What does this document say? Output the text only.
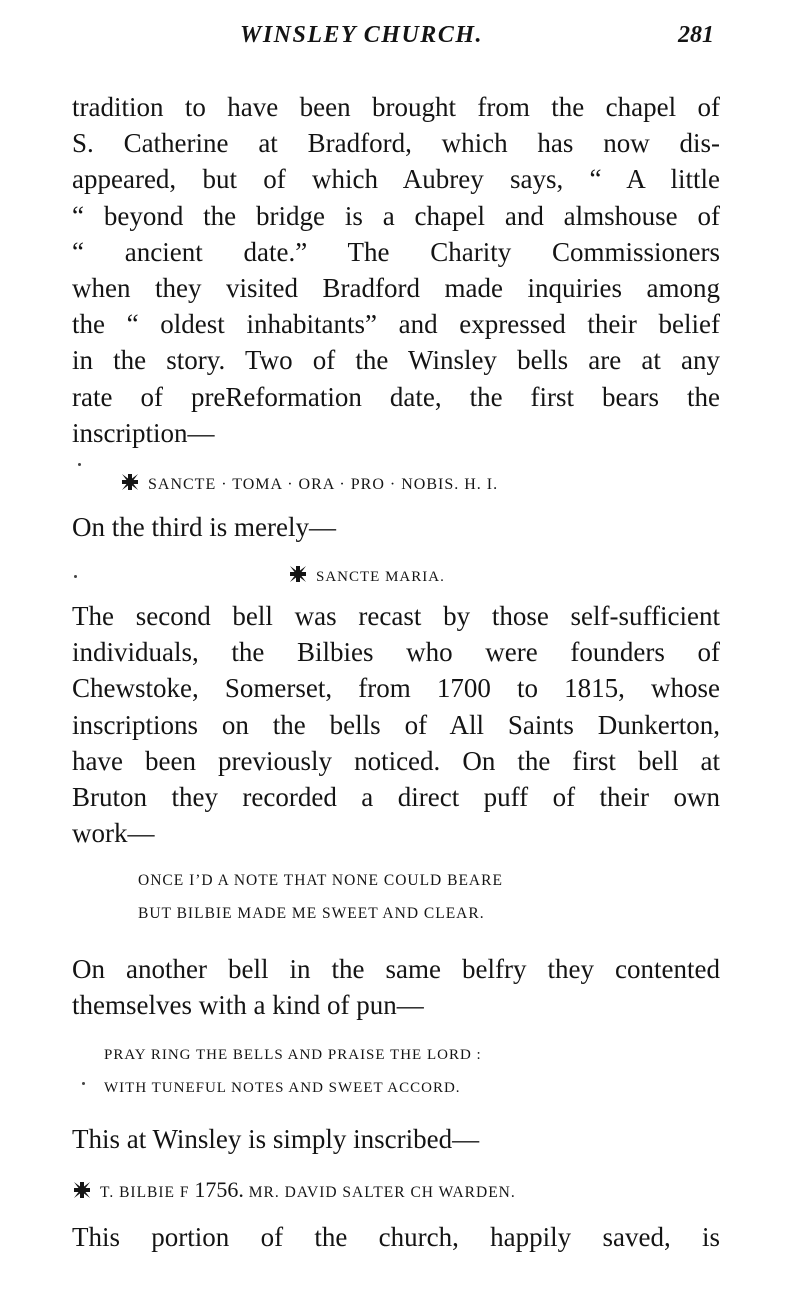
WINSLEY CHURCH.	281
tradition to have been brought from the chapel of
S. Catherine at Bradford, which has now dis-
appeared, but of which Aubrey says, “ A little
“ beyond the bridge is a chapel and almshouse of
“ ancient date.” The Charity Commissioners
when they visited Bradford made inquiries among
the “ oldest inhabitants” and expressed their belief
in the story. Two of the Winsley bells are at any
rate of preReformation date, the first bears the
inscription—
SANCTE · TOMA · ORA · PRO · NOBIS. H. I.
On the third is merely—
SANCTE MARIA.
The second bell was recast by those self-sufficient
individuals, the Bilbies who were founders of
Chewstoke, Somerset, from 1700 to 1815, whose
inscriptions on the bells of All Saints Dunkerton,
have been previously noticed. On the first bell at
Bruton they recorded a direct puff of their own
work—
ONCE I’D A NOTE THAT NONE COULD BEARE
BUT BILBIE MADE ME SWEET AND CLEAR.
On another bell in the same belfry they contented
themselves with a kind of pun—
PRAY RING THE BELLS AND PRAISE THE LORD :
WITH TUNEFUL NOTES AND SWEET ACCORD.
This at Winsley is simply inscribed—
T. BILBIE F 1756. MR. DAVID SALTER CH WARDEN.
This portion of the church, happily saved, is
